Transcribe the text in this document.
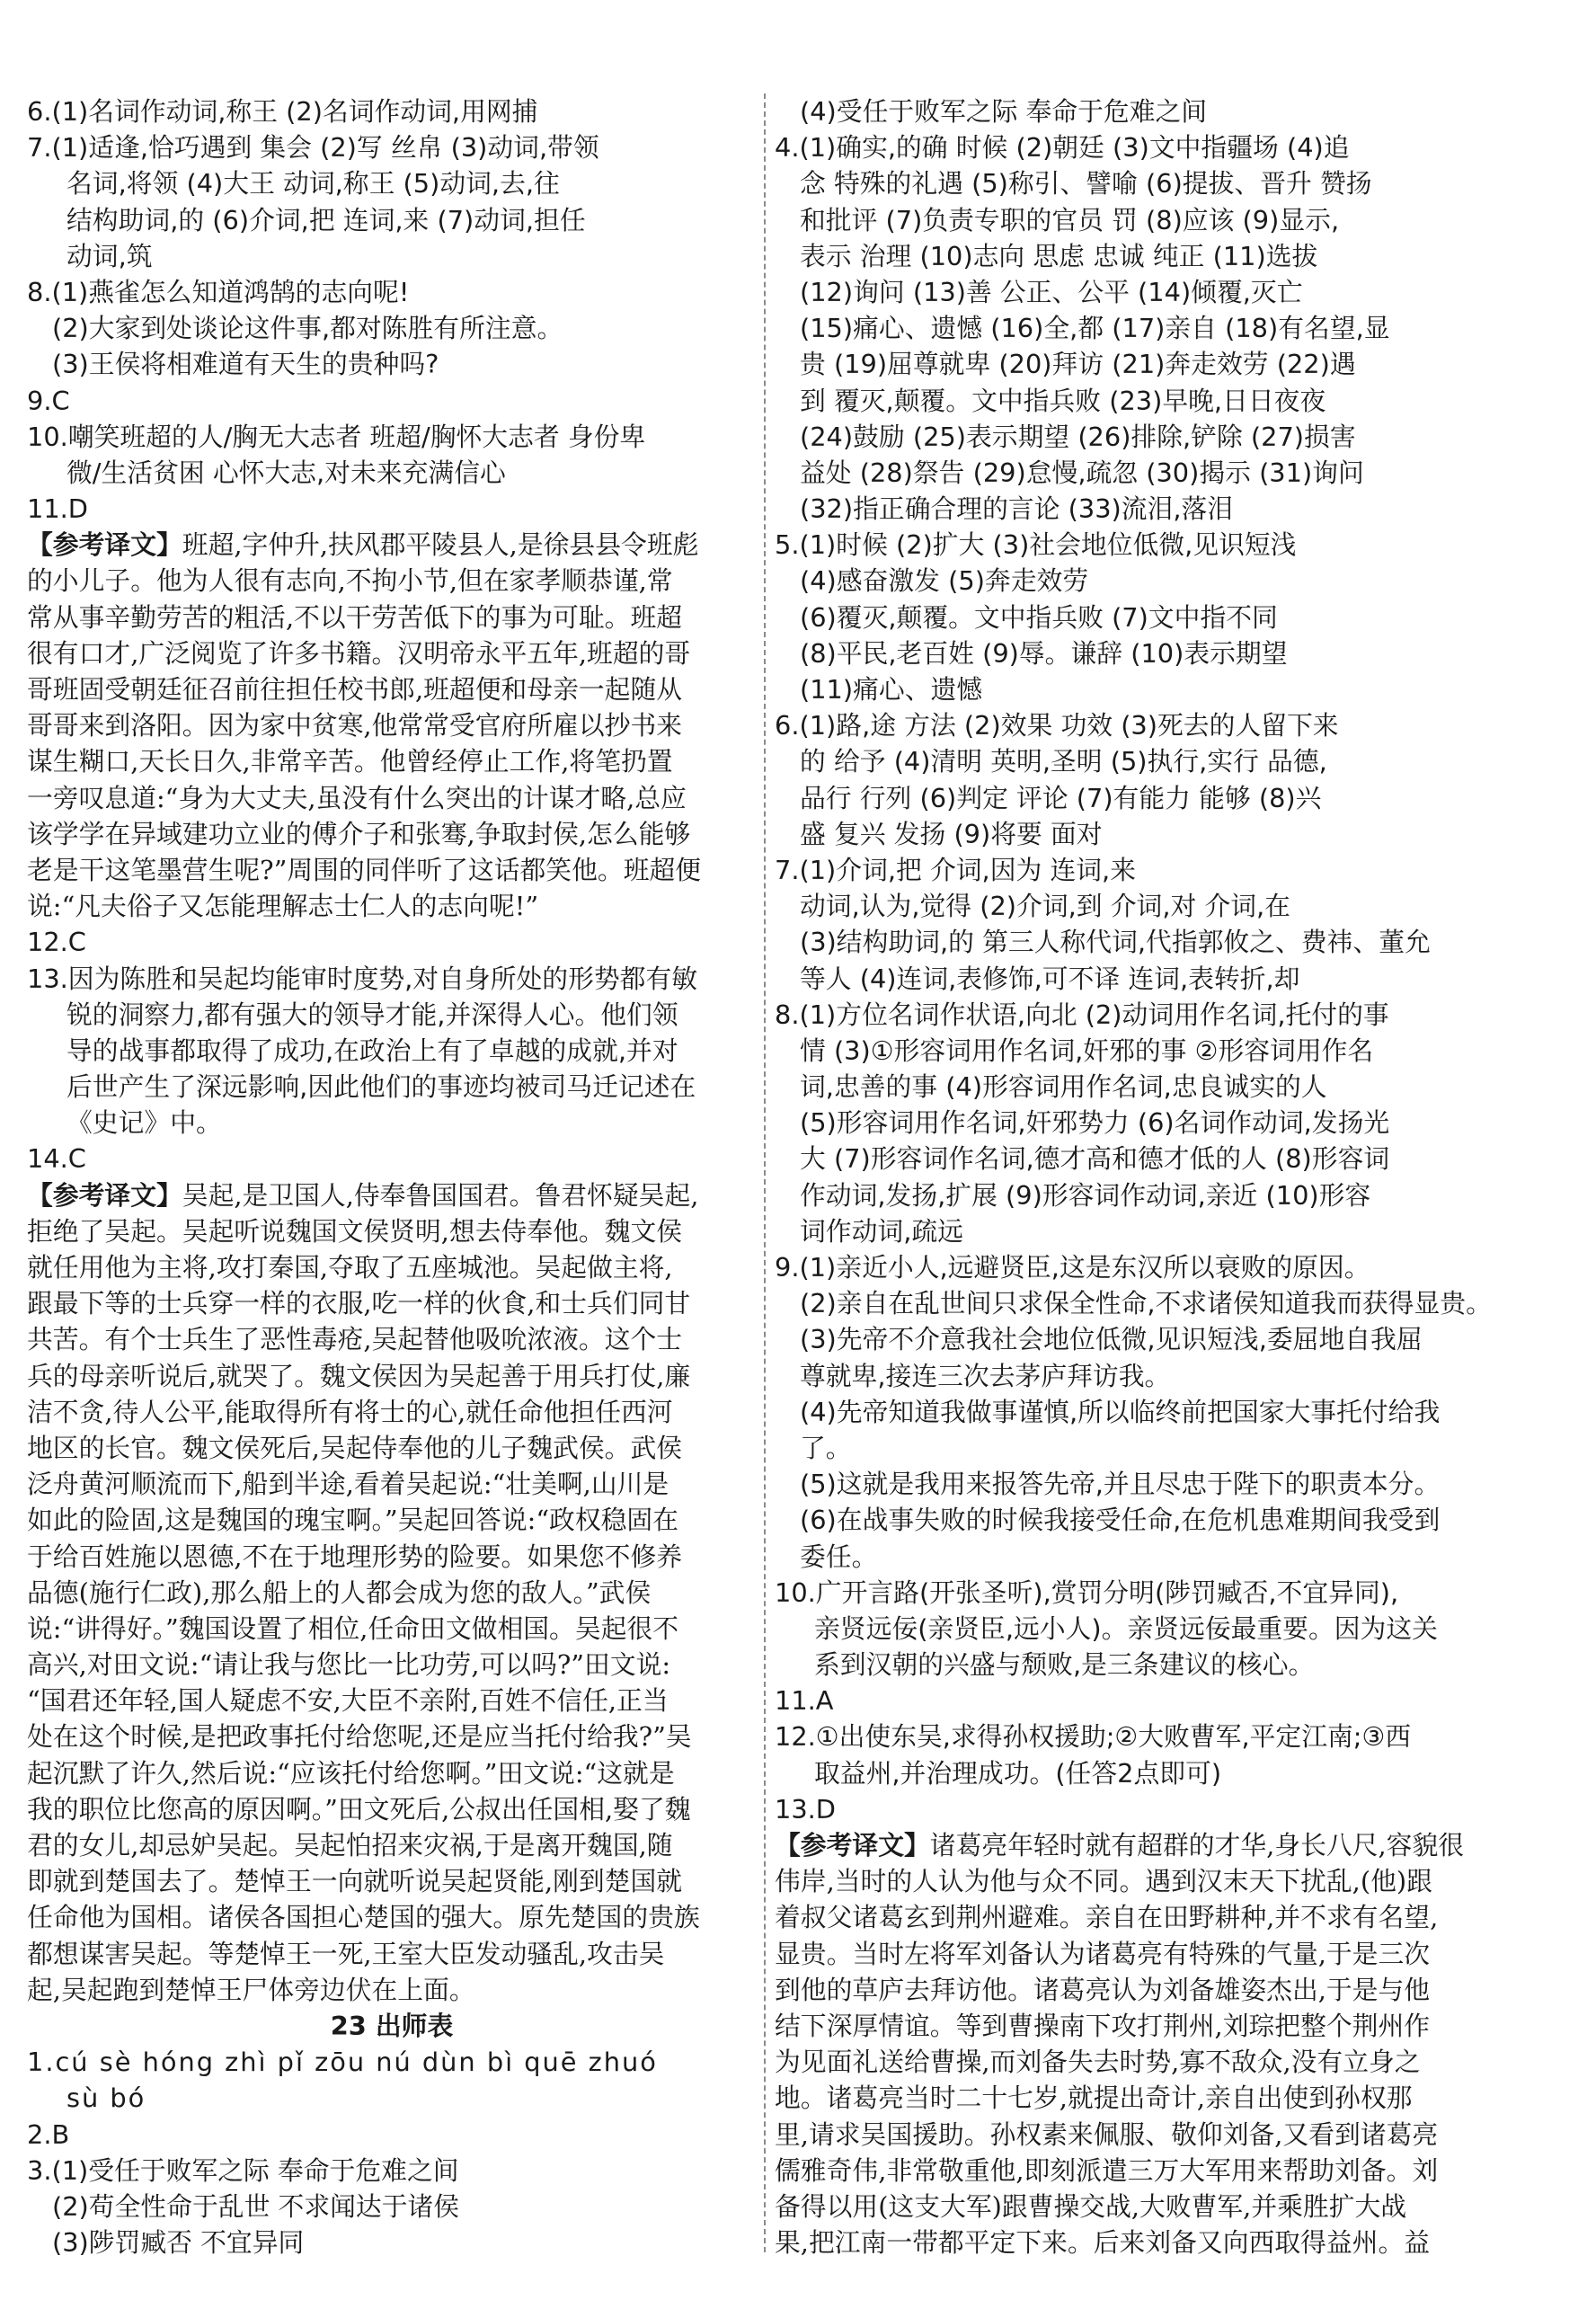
6.(1)名词作动词,称王 (2)名词作动词,用网捕
7.(1)适逢,恰巧遇到 集会 (2)写 丝帛 (3)动词,带领
名词,将领 (4)大王 动词,称王 (5)动词,去,往
结构助词,的 (6)介词,把 连词,来 (7)动词,担任
动词,筑
8.(1)燕雀怎么知道鸿鹄的志向呢!
(2)大家到处谈论这件事,都对陈胜有所注意。
(3)王侯将相难道有天生的贵种吗?
9.C
10.嘲笑班超的人/胸无大志者 班超/胸怀大志者 身份卑
微/生活贫困 心怀大志,对未来充满信心
11.D
【参考译文】班超,字仲升,扶风郡平陵县人,是徐县县令班彪
的小儿子。他为人很有志向,不拘小节,但在家孝顺恭谨,常
常从事辛勤劳苦的粗活,不以干劳苦低下的事为可耻。班超
很有口才,广泛阅览了许多书籍。汉明帝永平五年,班超的哥
哥班固受朝廷征召前往担任校书郎,班超便和母亲一起随从
哥哥来到洛阳。因为家中贫寒,他常常受官府所雇以抄书来
谋生糊口,天长日久,非常辛苦。他曾经停止工作,将笔扔置
一旁叹息道:“身为大丈夫,虽没有什么突出的计谋才略,总应
该学学在异域建功立业的傅介子和张骞,争取封侯,怎么能够
老是干这笔墨营生呢?”周围的同伴听了这话都笑他。班超便
说:“凡夫俗子又怎能理解志士仁人的志向呢!”
12.C
13.因为陈胜和吴起均能审时度势,对自身所处的形势都有敏
锐的洞察力,都有强大的领导才能,并深得人心。他们领
导的战事都取得了成功,在政治上有了卓越的成就,并对
后世产生了深远影响,因此他们的事迹均被司马迁记述在
《史记》中。
14.C
【参考译文】吴起,是卫国人,侍奉鲁国国君。鲁君怀疑吴起,
拒绝了吴起。吴起听说魏国文侯贤明,想去侍奉他。魏文侯
就任用他为主将,攻打秦国,夺取了五座城池。吴起做主将,
跟最下等的士兵穿一样的衣服,吃一样的伙食,和士兵们同甘
共苦。有个士兵生了恶性毒疮,吴起替他吸吮浓液。这个士
兵的母亲听说后,就哭了。魏文侯因为吴起善于用兵打仗,廉
洁不贪,待人公平,能取得所有将士的心,就任命他担任西河
地区的长官。魏文侯死后,吴起侍奉他的儿子魏武侯。武侯
泛舟黄河顺流而下,船到半途,看着吴起说:“壮美啊,山川是
如此的险固,这是魏国的瑰宝啊。”吴起回答说:“政权稳固在
于给百姓施以恩德,不在于地理形势的险要。如果您不修养
品德(施行仁政),那么船上的人都会成为您的敌人。”武侯
说:“讲得好。”魏国设置了相位,任命田文做相国。吴起很不
高兴,对田文说:“请让我与您比一比功劳,可以吗?”田文说:
“国君还年轻,国人疑虑不安,大臣不亲附,百姓不信任,正当
处在这个时候,是把政事托付给您呢,还是应当托付给我?”吴
起沉默了许久,然后说:“应该托付给您啊。”田文说:“这就是
我的职位比您高的原因啊。”田文死后,公叔出任国相,娶了魏
君的女儿,却忌妒吴起。吴起怕招来灾祸,于是离开魏国,随
即就到楚国去了。楚悼王一向就听说吴起贤能,刚到楚国就
任命他为国相。诸侯各国担心楚国的强大。原先楚国的贵族
都想谋害吴起。等楚悼王一死,王室大臣发动骚乱,攻击吴
起,吴起跑到楚悼王尸体旁边伏在上面。
23 出师表
1.cú sè hóng zhì pǐ zōu nú dùn bì quē zhuó
sù bó
2.B
3.(1)受任于败军之际 奉命于危难之间
(2)苟全性命于乱世 不求闻达于诸侯
(3)陟罚臧否 不宜异同
(4)受任于败军之际 奉命于危难之间
4.(1)确实,的确 时候 (2)朝廷 (3)文中指疆场 (4)追
念 特殊的礼遇 (5)称引、譬喻 (6)提拔、晋升 赞扬
和批评 (7)负责专职的官员 罚 (8)应该 (9)显示,
表示 治理 (10)志向 思虑 忠诚 纯正 (11)选拔
(12)询问 (13)善 公正、公平 (14)倾覆,灭亡
(15)痛心、遗憾 (16)全,都 (17)亲自 (18)有名望,显
贵 (19)屈尊就卑 (20)拜访 (21)奔走效劳 (22)遇
到 覆灭,颠覆。文中指兵败 (23)早晚,日日夜夜
(24)鼓励 (25)表示期望 (26)排除,铲除 (27)损害
益处 (28)祭告 (29)怠慢,疏忽 (30)揭示 (31)询问
(32)指正确合理的言论 (33)流泪,落泪
5.(1)时候 (2)扩大 (3)社会地位低微,见识短浅
(4)感奋激发 (5)奔走效劳
(6)覆灭,颠覆。文中指兵败 (7)文中指不同
(8)平民,老百姓 (9)辱。谦辞 (10)表示期望
(11)痛心、遗憾
6.(1)路,途 方法 (2)效果 功效 (3)死去的人留下来
的 给予 (4)清明 英明,圣明 (5)执行,实行 品德,
品行 行列 (6)判定 评论 (7)有能力 能够 (8)兴
盛 复兴 发扬 (9)将要 面对
7.(1)介词,把 介词,因为 连词,来
动词,认为,觉得 (2)介词,到 介词,对 介词,在
(3)结构助词,的 第三人称代词,代指郭攸之、费祎、董允
等人 (4)连词,表修饰,可不译 连词,表转折,却
8.(1)方位名词作状语,向北 (2)动词用作名词,托付的事
情 (3)①形容词用作名词,奸邪的事 ②形容词用作名
词,忠善的事 (4)形容词用作名词,忠良诚实的人
(5)形容词用作名词,奸邪势力 (6)名词作动词,发扬光
大 (7)形容词作名词,德才高和德才低的人 (8)形容词
作动词,发扬,扩展 (9)形容词作动词,亲近 (10)形容
词作动词,疏远
9.(1)亲近小人,远避贤臣,这是东汉所以衰败的原因。
(2)亲自在乱世间只求保全性命,不求诸侯知道我而获得显贵。
(3)先帝不介意我社会地位低微,见识短浅,委屈地自我屈
尊就卑,接连三次去茅庐拜访我。
(4)先帝知道我做事谨慎,所以临终前把国家大事托付给我
了。
(5)这就是我用来报答先帝,并且尽忠于陛下的职责本分。
(6)在战事失败的时候我接受任命,在危机患难期间我受到
委任。
10.广开言路(开张圣听),赏罚分明(陟罚臧否,不宜异同),
亲贤远佞(亲贤臣,远小人)。亲贤远佞最重要。因为这关
系到汉朝的兴盛与颓败,是三条建议的核心。
11.A
12.①出使东吴,求得孙权援助;②大败曹军,平定江南;③西
取益州,并治理成功。(任答2点即可)
13.D
【参考译文】诸葛亮年轻时就有超群的才华,身长八尺,容貌很
伟岸,当时的人认为他与众不同。遇到汉末天下扰乱,(他)跟
着叔父诸葛玄到荆州避难。亲自在田野耕种,并不求有名望,
显贵。当时左将军刘备认为诸葛亮有特殊的气量,于是三次
到他的草庐去拜访他。诸葛亮认为刘备雄姿杰出,于是与他
结下深厚情谊。等到曹操南下攻打荆州,刘琮把整个荆州作
为见面礼送给曹操,而刘备失去时势,寡不敌众,没有立身之
地。诸葛亮当时二十七岁,就提出奇计,亲自出使到孙权那
里,请求吴国援助。孙权素来佩服、敬仰刘备,又看到诸葛亮
儒雅奇伟,非常敬重他,即刻派遣三万大军用来帮助刘备。刘
备得以用(这支大军)跟曹操交战,大败曹军,并乘胜扩大战
果,把江南一带都平定下来。后来刘备又向西取得益州。益
